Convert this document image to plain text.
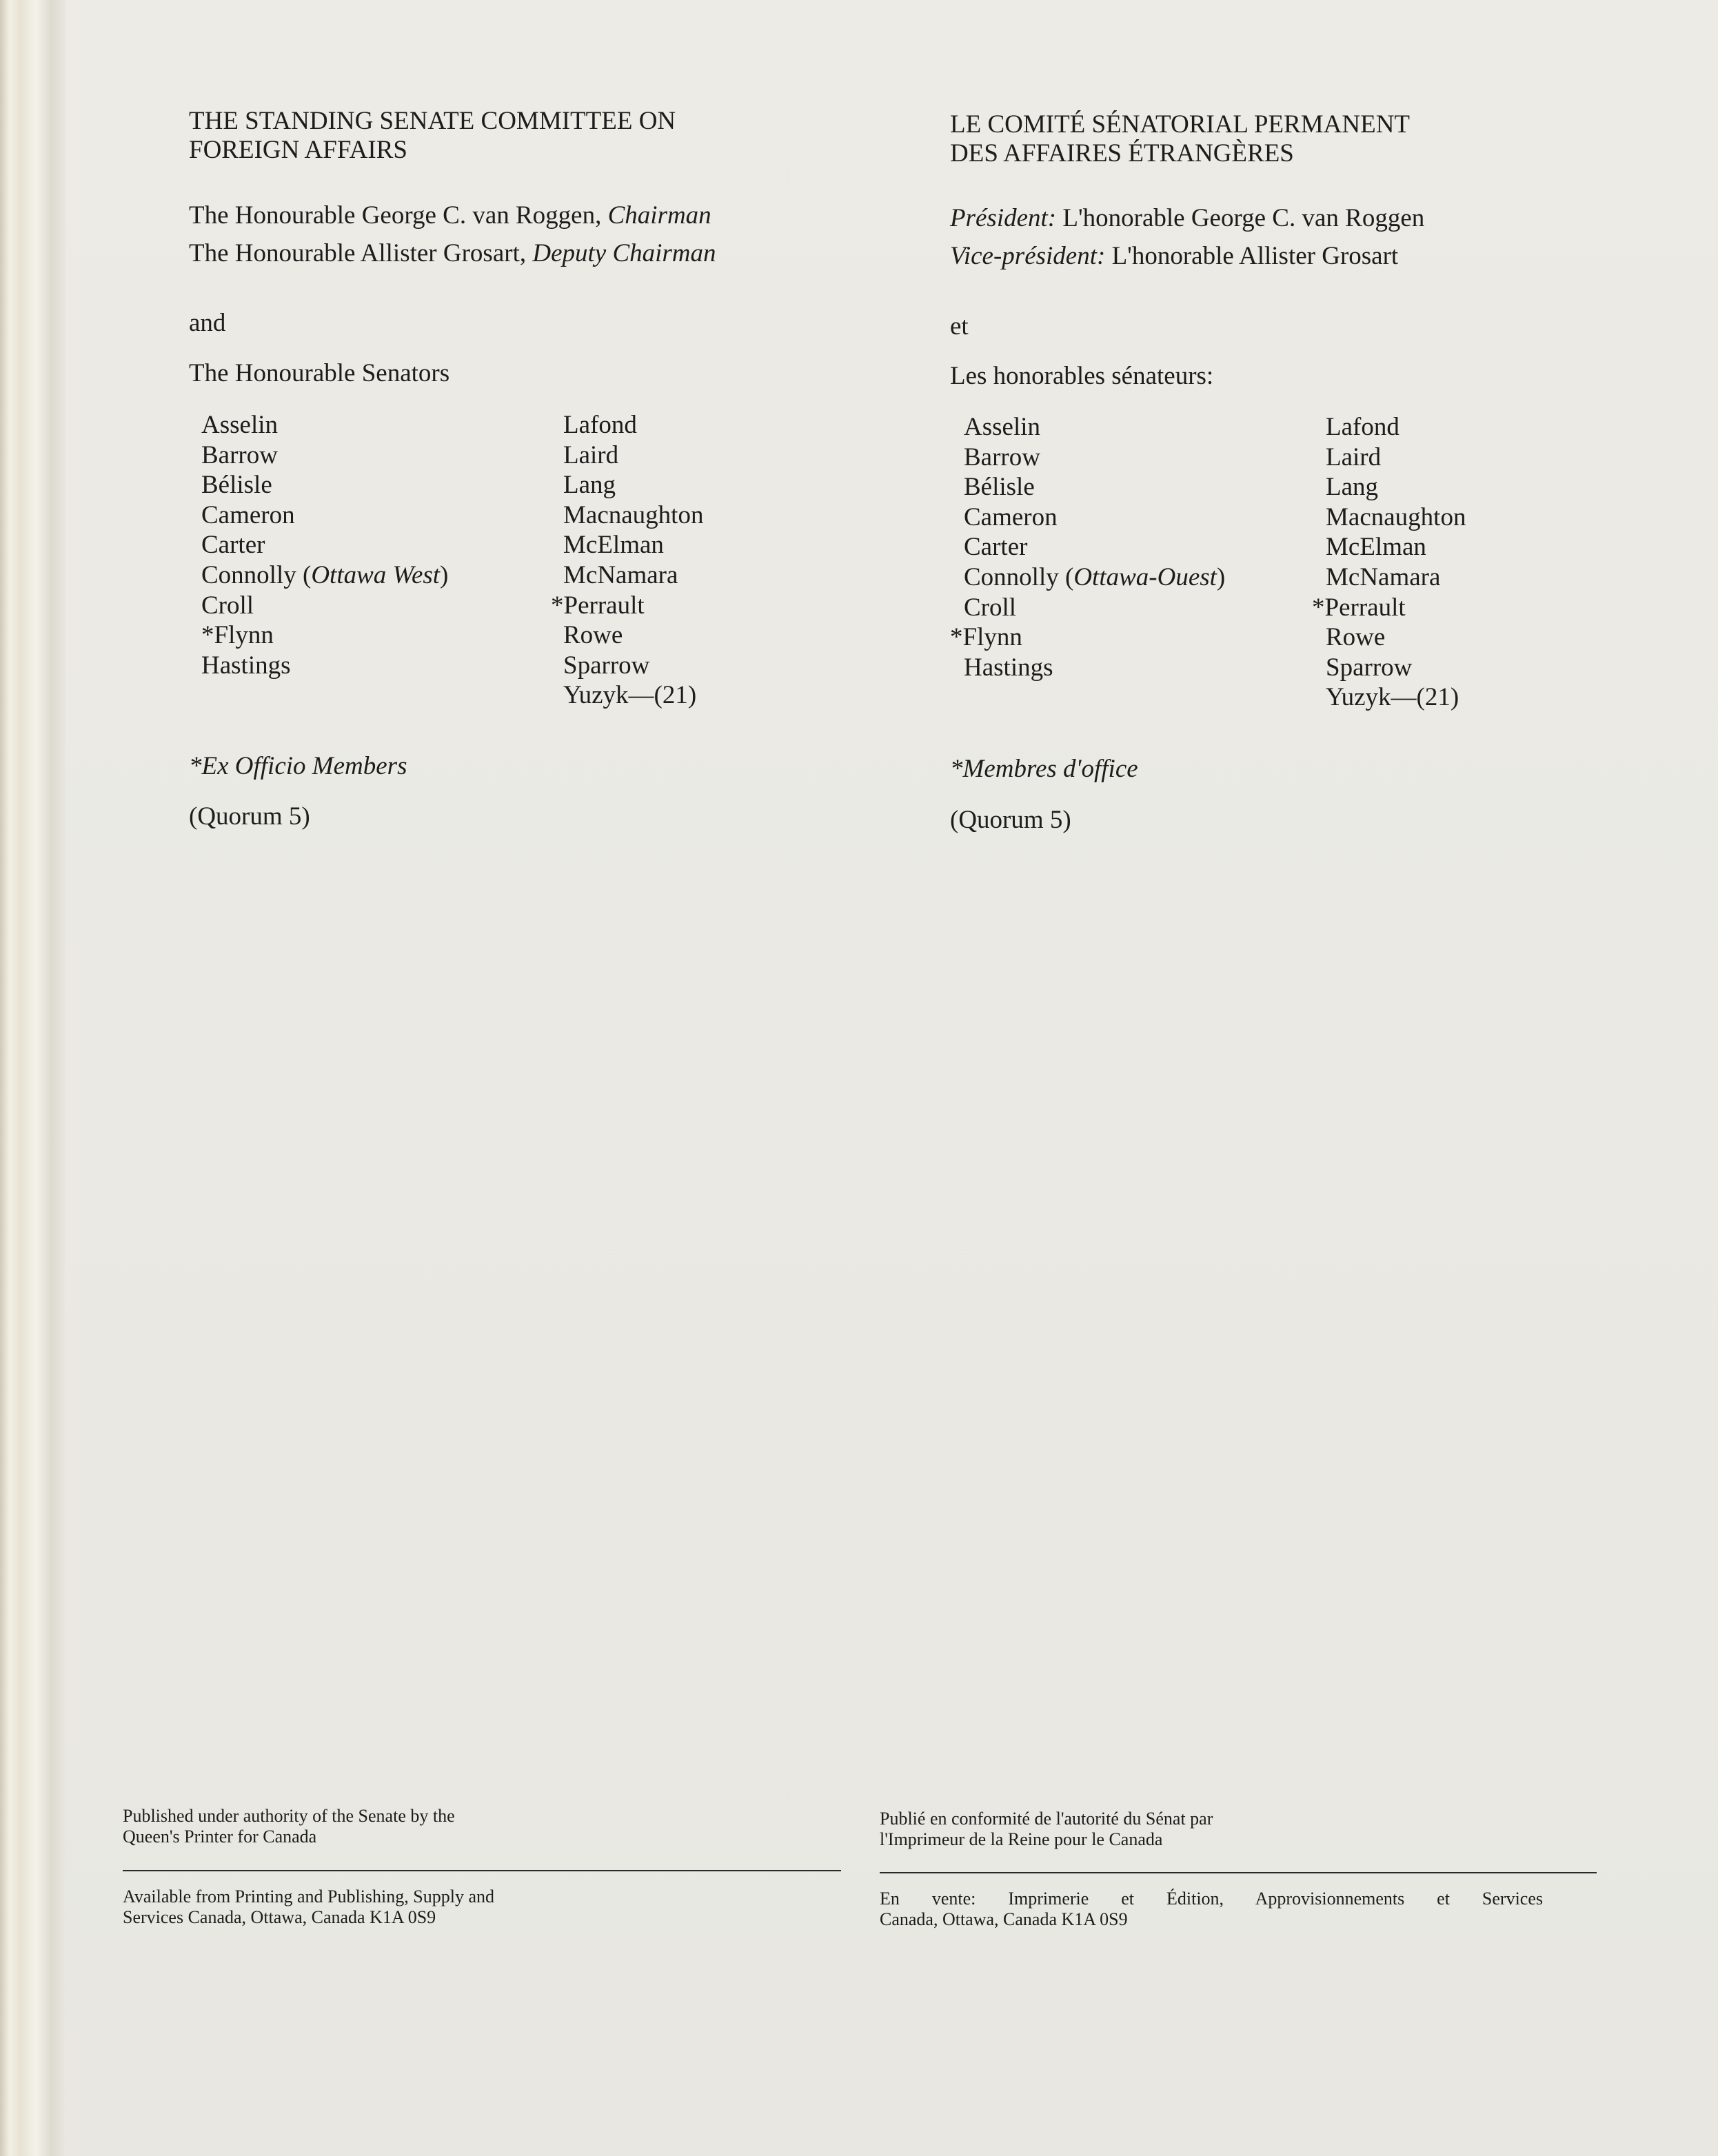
THE STANDING SENATE COMMITTEE ON
FOREIGN AFFAIRS
The Honourable George C. van Roggen, Chairman
The Honourable Allister Grosart, Deputy Chairman
and
The Honourable Senators
Asselin
Barrow
Bélisle
Cameron
Carter
Connolly (Ottawa West)
Croll
*Flynn
Hastings
Lafond
Laird
Lang
Macnaughton
McElman
McNamara
*Perrault
Rowe
Sparrow
Yuzyk—(21)
*Ex Officio Members
(Quorum 5)
LE COMITÉ SÉNATORIAL PERMANENT
DES AFFAIRES ÉTRANGÈRES
Président: L'honorable George C. van Roggen
Vice-président: L'honorable Allister Grosart
et
Les honorables sénateurs:
Asselin
Barrow
Bélisle
Cameron
Carter
Connolly (Ottawa-Ouest)
Croll
*Flynn
Hastings
Lafond
Laird
Lang
Macnaughton
McElman
McNamara
*Perrault
Rowe
Sparrow
Yuzyk—(21)
*Membres d'office
(Quorum 5)
Published under authority of the Senate by the
Queen's Printer for Canada
Available from Printing and Publishing, Supply and
Services Canada, Ottawa, Canada K1A 0S9
Publié en conformité de l'autorité du Sénat par
l'Imprimeur de la Reine pour le Canada
En vente: Imprimerie et Édition, Approvisionnements et Services
Canada, Ottawa, Canada K1A 0S9
